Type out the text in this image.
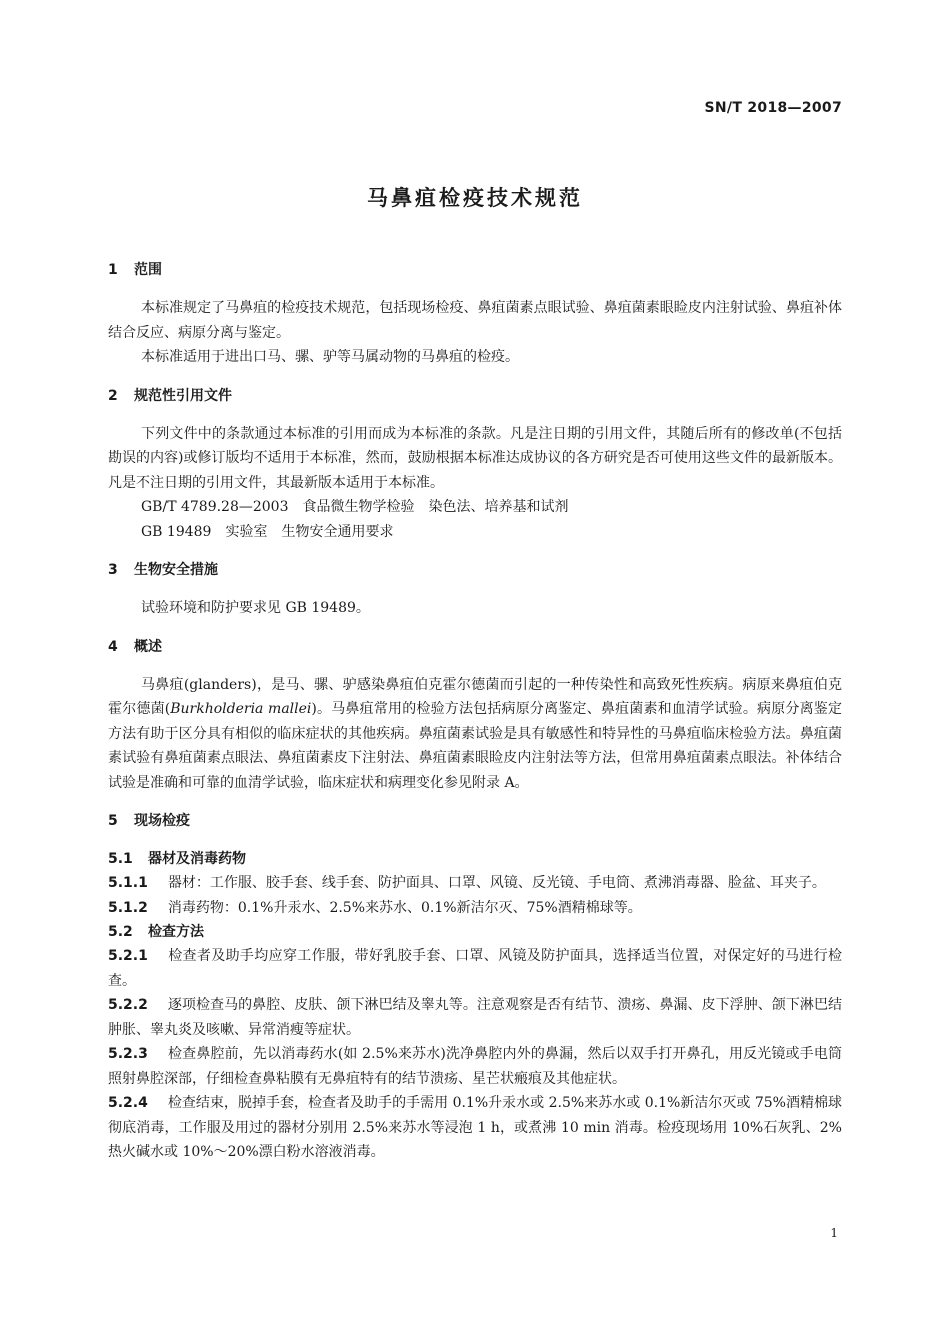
SN/T 2018—2007
马鼻疽检疫技术规范
1 范围

本标准规定了马鼻疽的检疫技术规范，包括现场检疫、鼻疽菌素点眼试验、鼻疽菌素眼睑皮内注射试验、鼻疽补体结合反应、病原分离与鉴定。

本标准适用于进出口马、骡、驴等马属动物的马鼻疽的检疫。

2 规范性引用文件

下列文件中的条款通过本标准的引用而成为本标准的条款。凡是注日期的引用文件，其随后所有的修改单(不包括勘误的内容)或修订版均不适用于本标准，然而，鼓励根据本标准达成协议的各方研究是否可使用这些文件的最新版本。凡是不注日期的引用文件，其最新版本适用于本标准。

GB/T 4789.28—2003　食品微生物学检验　染色法、培养基和试剂

GB 19489　实验室　生物安全通用要求

3 生物安全措施

试验环境和防护要求见 GB 19489。

4 概述

马鼻疽(glanders)，是马、骡、驴感染鼻疽伯克霍尔德菌而引起的一种传染性和高致死性疾病。病原来鼻疽伯克霍尔德菌(Burkholderia mallei)。马鼻疽常用的检验方法包括病原分离鉴定、鼻疽菌素和血清学试验。病原分离鉴定方法有助于区分具有相似的临床症状的其他疾病。鼻疽菌素试验是具有敏感性和特异性的马鼻疽临床检验方法。鼻疽菌素试验有鼻疽菌素点眼法、鼻疽菌素皮下注射法、鼻疽菌素眼睑皮内注射法等方法，但常用鼻疽菌素点眼法。补体结合试验是准确和可靠的血清学试验，临床症状和病理变化参见附录 A。

5 现场检疫
5.1 器材及消毒药物
5.1.1 器材：工作服、胶手套、线手套、防护面具、口罩、风镜、反光镜、手电筒、煮沸消毒器、脸盆、耳夹子。
5.1.2 消毒药物：0.1%升汞水、2.5%来苏水、0.1%新洁尔灭、75%酒精棉球等。
5.2 检查方法
5.2.1 检查者及助手均应穿工作服，带好乳胶手套、口罩、风镜及防护面具，选择适当位置，对保定好的马进行检查。
5.2.2 逐项检查马的鼻腔、皮肤、颌下淋巴结及睾丸等。注意观察是否有结节、溃疡、鼻漏、皮下浮肿、颌下淋巴结肿胀、睾丸炎及咳嗽、异常消瘦等症状。
5.2.3 检查鼻腔前，先以消毒药水(如 2.5%来苏水)洗净鼻腔内外的鼻漏，然后以双手打开鼻孔，用反光镜或手电筒照射鼻腔深部，仔细检查鼻粘膜有无鼻疽特有的结节溃疡、星芒状瘢痕及其他症状。
5.2.4 检查结束，脱掉手套，检查者及助手的手需用 0.1%升汞水或 2.5%来苏水或 0.1%新洁尔灭或 75%酒精棉球彻底消毒，工作服及用过的器材分别用 2.5%来苏水等浸泡 1 h，或煮沸 10 min 消毒。检疫现场用 10%石灰乳、2%热火碱水或 10%～20%漂白粉水溶液消毒。
1
